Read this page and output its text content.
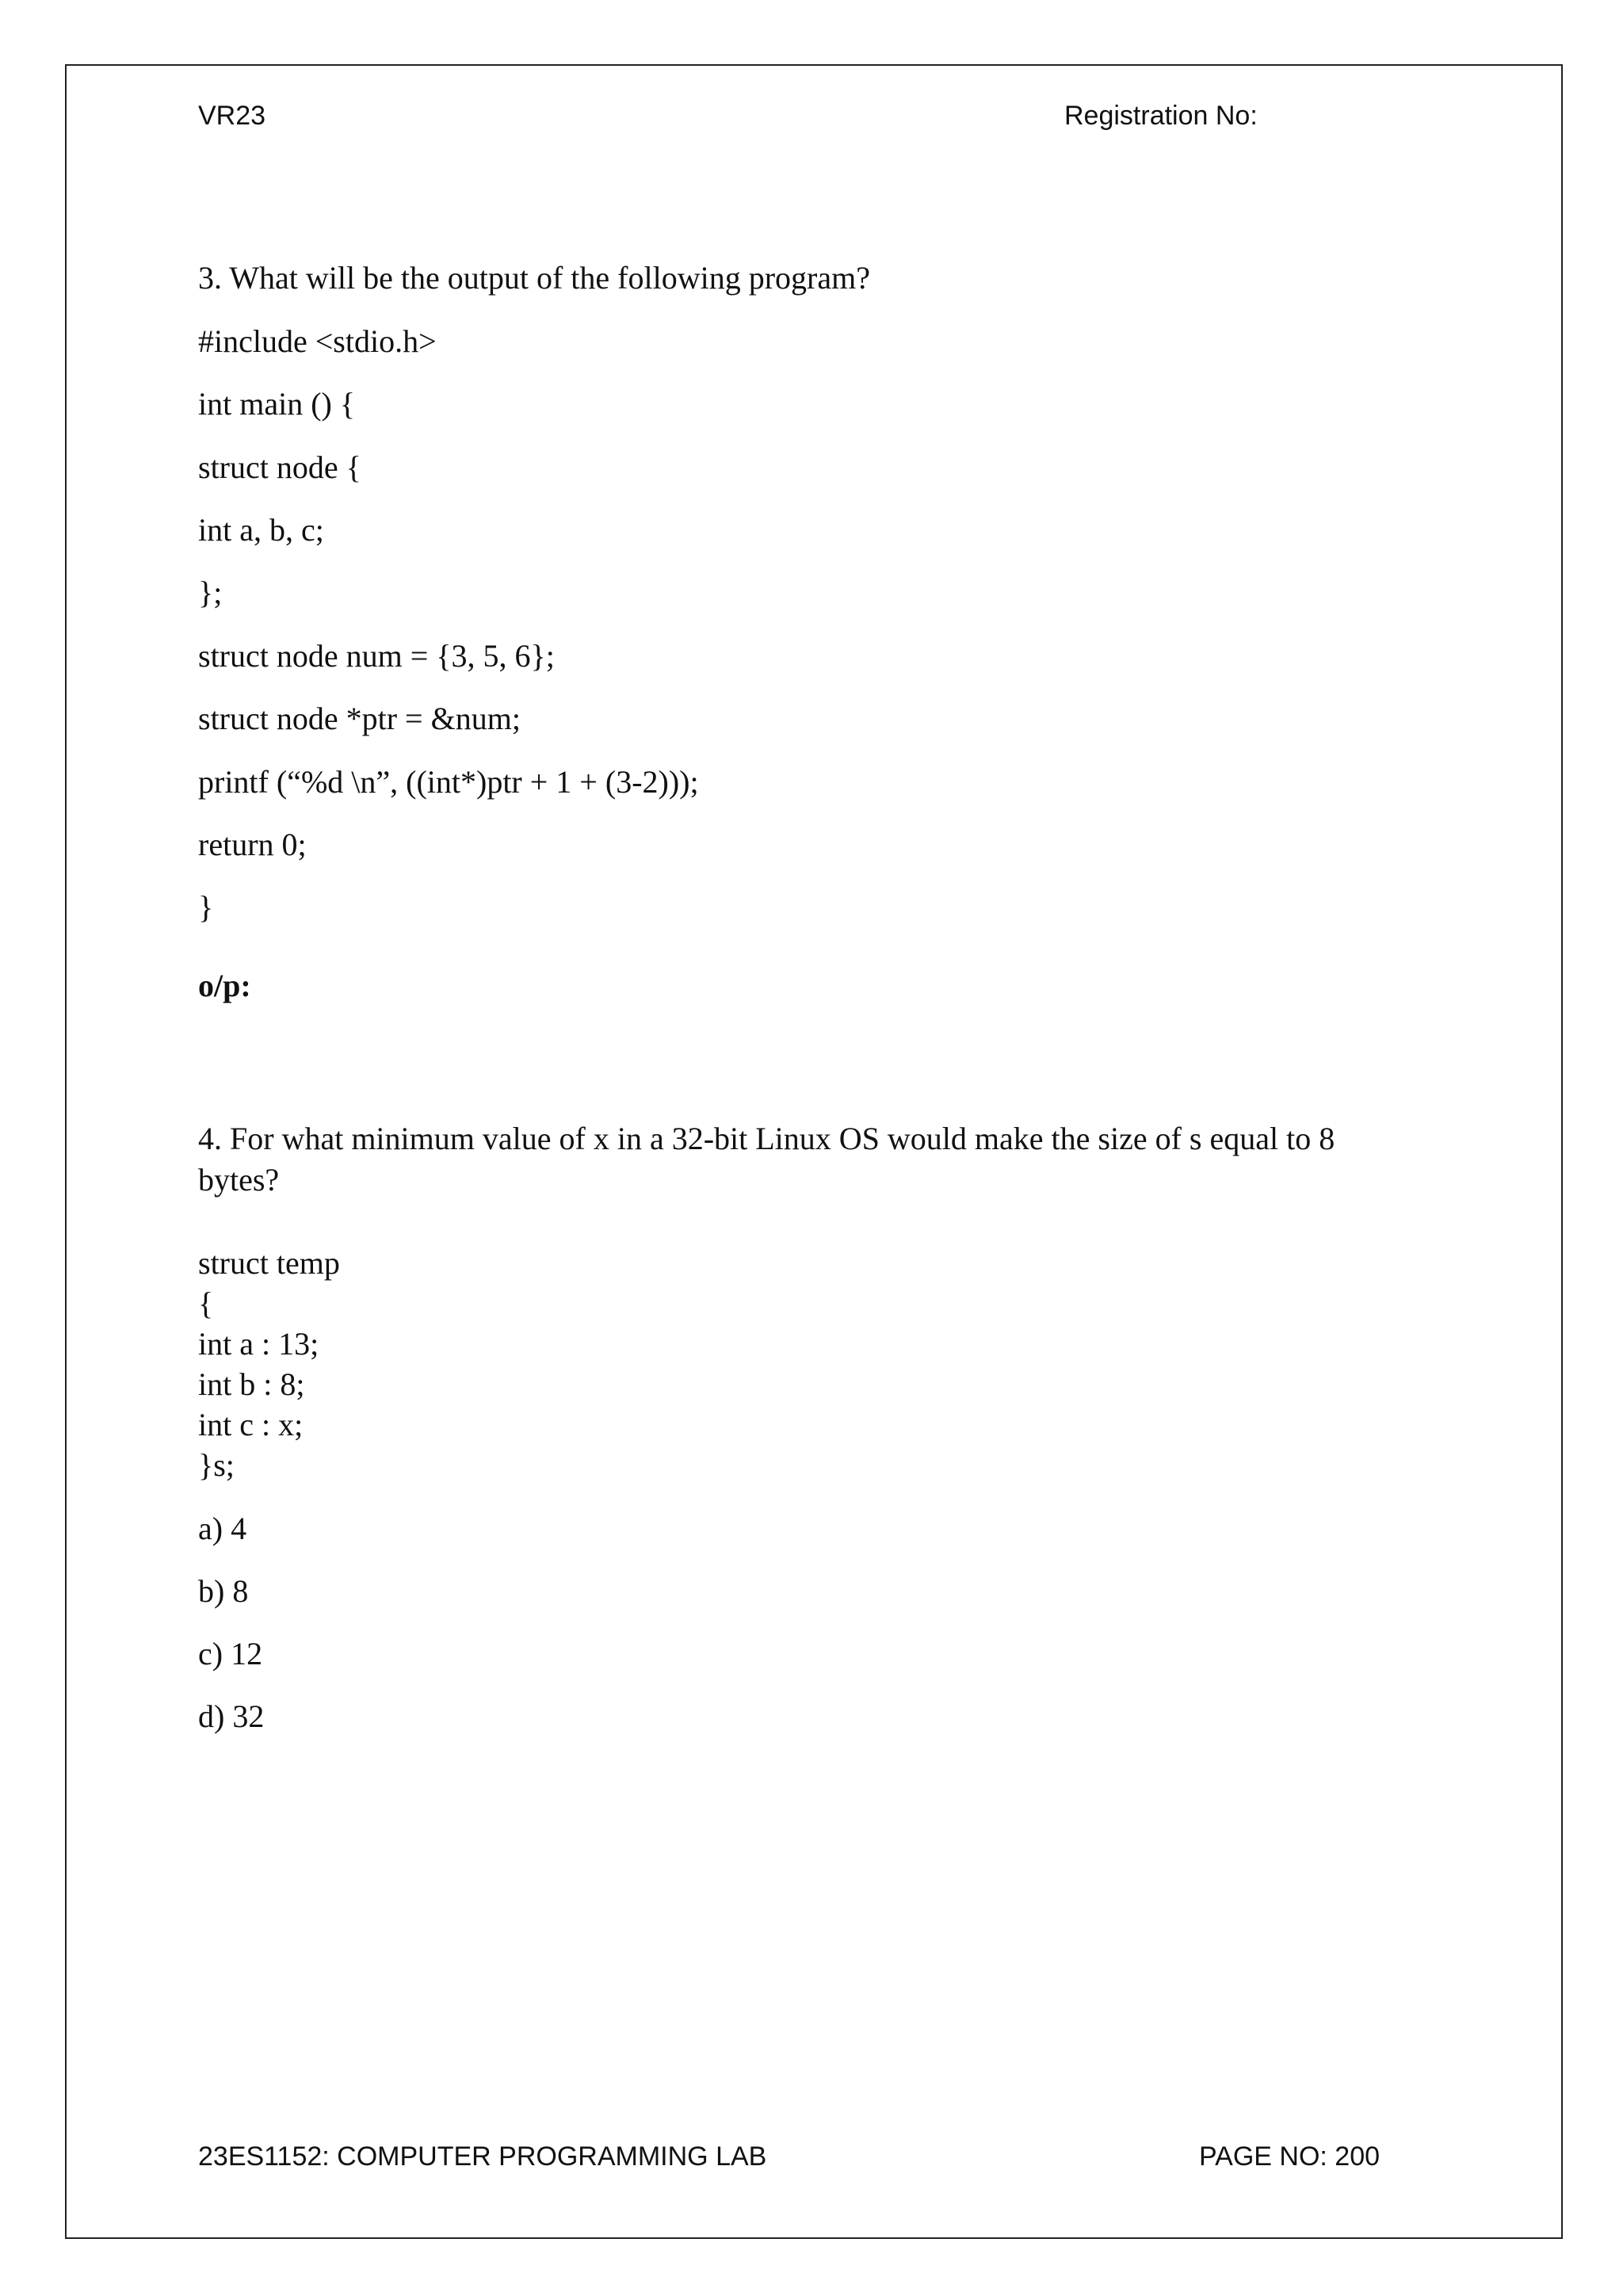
VR23	Registration No:
3. What will be the output of the following program?
#include <stdio.h>
int main () {
struct node {
int a, b, c;
};
struct node num = {3, 5, 6};
struct node *ptr = &num;
printf (“%d \n”, ((int*)ptr + 1 + (3-2)));
return 0;
}
o/p:
4. For what minimum value of x in a 32-bit Linux OS would make the size of s equal to 8 bytes?
struct temp
{
int a : 13;
int b : 8;
int c : x;
}s;
a) 4
b) 8
c) 12
d) 32
23ES1152: COMPUTER PROGRAMMING LAB	PAGE NO: 200
